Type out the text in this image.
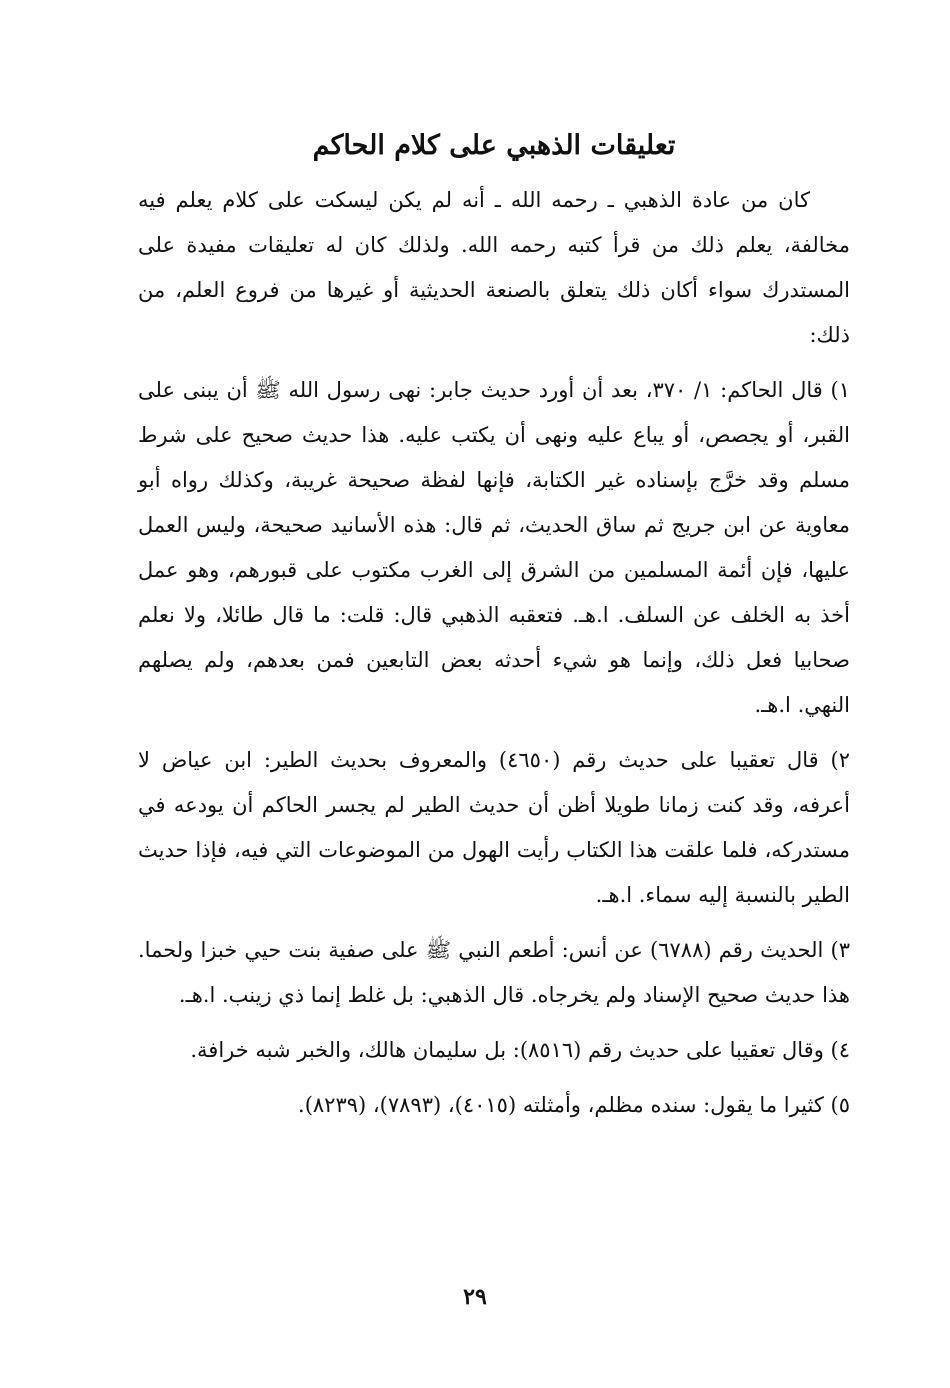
تعليقات الذهبي على كلام الحاكم

كان من عادة الذهبي ـ رحمه الله ـ أنه لم يكن ليسكت على كلام يعلم فيه مخالفة، يعلم ذلك من قرأ كتبه رحمه الله. ولذلك كان له تعليقات مفيدة على المستدرك سواء أكان ذلك يتعلق بالصنعة الحديثية أو غيرها من فروع العلم، من ذلك:

١) قال الحاكم: ١/ ٣٧٠، بعد أن أورد حديث جابر: نهى رسول الله ﷺ أن يبنى على القبر، أو يجصص، أو يباع عليه ونهى أن يكتب عليه. هذا حديث صحيح على شرط مسلم وقد خرَّج بإسناده غير الكتابة، فإنها لفظة صحيحة غريبة، وكذلك رواه أبو معاوية عن ابن جريج ثم ساق الحديث، ثم قال: هذه الأسانيد صحيحة، وليس العمل عليها، فإن أئمة المسلمين من الشرق إلى الغرب مكتوب على قبورهم، وهو عمل أخذ به الخلف عن السلف. ا.هـ. فتعقبه الذهبي قال: قلت: ما قال طائلا، ولا نعلم صحابيا فعل ذلك، وإنما هو شيء أحدثه بعض التابعين فمن بعدهم، ولم يصلهم النهي. ا.هـ.

٢) قال تعقيبا على حديث رقم (٤٦٥٠) والمعروف بحديث الطير: ابن عياض لا أعرفه، وقد كنت زمانا طويلا أظن أن حديث الطير لم يجسر الحاكم أن يودعه في مستدركه، فلما علقت هذا الكتاب رأيت الهول من الموضوعات التي فيه، فإذا حديث الطير بالنسبة إليه سماء. ا.هـ.

٣) الحديث رقم (٦٧٨٨) عن أنس: أطعم النبي ﷺ على صفية بنت حيي خبزا ولحما. هذا حديث صحيح الإسناد ولم يخرجاه. قال الذهبي: بل غلط إنما ذي زينب. ا.هـ.

٤) وقال تعقيبا على حديث رقم (٨٥١٦): بل سليمان هالك، والخبر شبه خرافة.

٥) كثيرا ما يقول: سنده مظلم، وأمثلته (٤٠١٥)، (٧٨٩٣)، (٨٢٣٩).

٢٩
